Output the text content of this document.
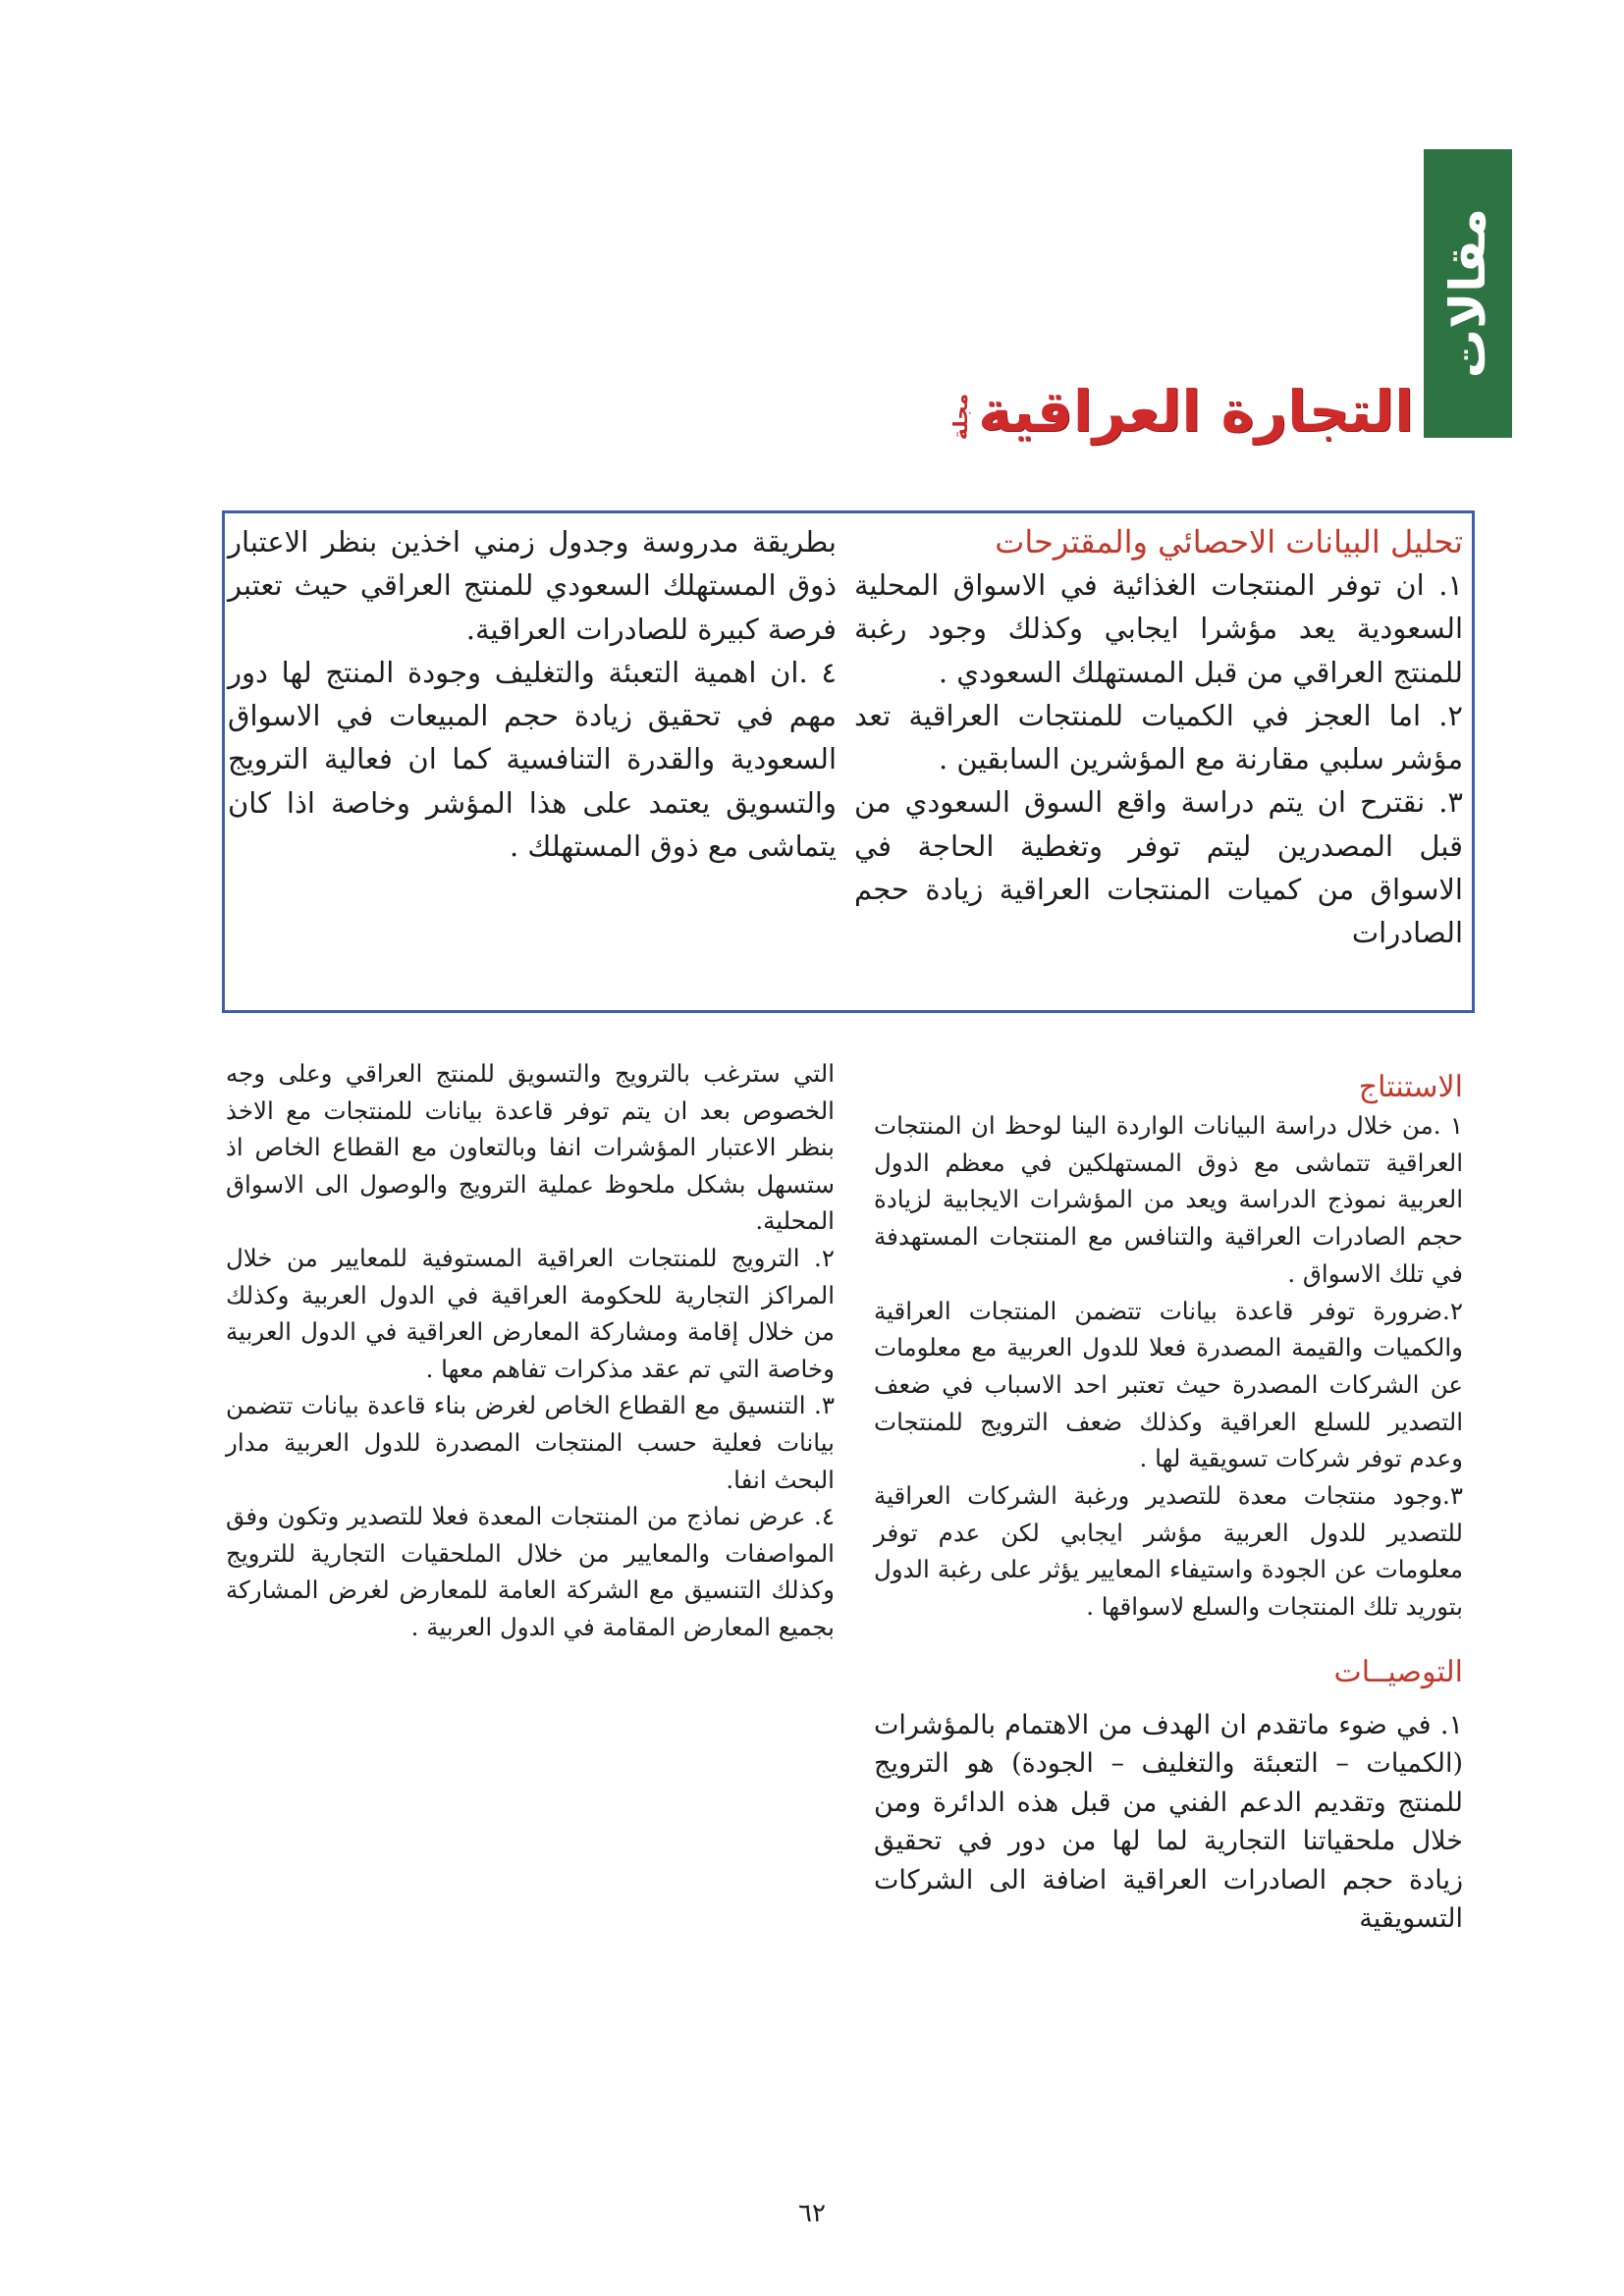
مقالات
التجارة العراقية
مجلة
تحليل البيانات الاحصائي والمقترحات

١. ان توفر المنتجات الغذائية في الاسواق المحلية السعودية يعد مؤشرا ايجابي وكذلك وجود رغبة للمنتج العراقي من قبل المستهلك السعودي .

٢. اما العجز في الكميات للمنتجات العراقية تعد مؤشر سلبي مقارنة مع المؤشرين السابقين .

٣. نقترح ان يتم دراسة واقع السوق السعودي من قبل المصدرين ليتم توفر وتغطية الحاجة في الاسواق من كميات المنتجات العراقية زيادة حجم الصادرات

بطريقة مدروسة وجدول زمني اخذين بنظر الاعتبار ذوق المستهلك السعودي للمنتج العراقي حيث تعتبر فرصة كبيرة للصادرات العراقية.

٤ .ان اهمية التعبئة والتغليف وجودة المنتج لها دور مهم في تحقيق زيادة حجم المبيعات في الاسواق السعودية والقدرة التنافسية كما ان فعالية الترويج والتسويق يعتمد على هذا المؤشر وخاصة اذا كان يتماشى مع ذوق المستهلك .

الاستنتاج

١ .من خلال دراسة البيانات الواردة الينا لوحظ ان المنتجات العراقية تتماشى مع ذوق المستهلكين في معظم الدول العربية نموذج الدراسة ويعد من المؤشرات الايجابية لزيادة حجم الصادرات العراقية والتنافس مع المنتجات المستهدفة في تلك الاسواق .

٢.ضرورة توفر قاعدة بيانات تتضمن المنتجات العراقية والكميات والقيمة المصدرة فعلا للدول العربية مع معلومات عن الشركات المصدرة حيث تعتبر احد الاسباب في ضعف التصدير للسلع العراقية وكذلك ضعف الترويج للمنتجات وعدم توفر شركات تسويقية لها .

٣.وجود منتجات معدة للتصدير ورغبة الشركات العراقية للتصدير للدول العربية مؤشر ايجابي لكن عدم توفر معلومات عن الجودة واستيفاء المعايير يؤثر على رغبة الدول بتوريد تلك المنتجات والسلع لاسواقها .

التوصيــات

١. في ضوء ماتقدم ان الهدف من الاهتمام بالمؤشرات (الكميات – التعبئة والتغليف – الجودة) هو الترويج للمنتج وتقديم الدعم الفني من قبل هذه الدائرة ومن خلال ملحقياتنا التجارية لما لها من دور في تحقيق زيادة حجم الصادرات العراقية اضافة الى الشركات التسويقية

التي سترغب بالترويج والتسويق للمنتج العراقي وعلى وجه الخصوص بعد ان يتم توفر قاعدة بيانات للمنتجات مع الاخذ بنظر الاعتبار المؤشرات انفا وبالتعاون مع القطاع الخاص اذ ستسهل بشكل ملحوظ عملية الترويج والوصول الى الاسواق المحلية.

٢. الترويج للمنتجات العراقية المستوفية للمعايير من خلال المراكز التجارية للحكومة العراقية في الدول العربية وكذلك من خلال إقامة ومشاركة المعارض العراقية في الدول العربية وخاصة التي تم عقد مذكرات تفاهم معها .

٣. التنسيق مع القطاع الخاص لغرض بناء قاعدة بيانات تتضمن بيانات فعلية حسب المنتجات المصدرة للدول العربية مدار البحث انفا.

٤. عرض نماذج من المنتجات المعدة فعلا للتصدير وتكون وفق المواصفات والمعايير من خلال الملحقيات التجارية للترويج وكذلك التنسيق مع الشركة العامة للمعارض لغرض المشاركة بجميع المعارض المقامة في الدول العربية .

٦٢
